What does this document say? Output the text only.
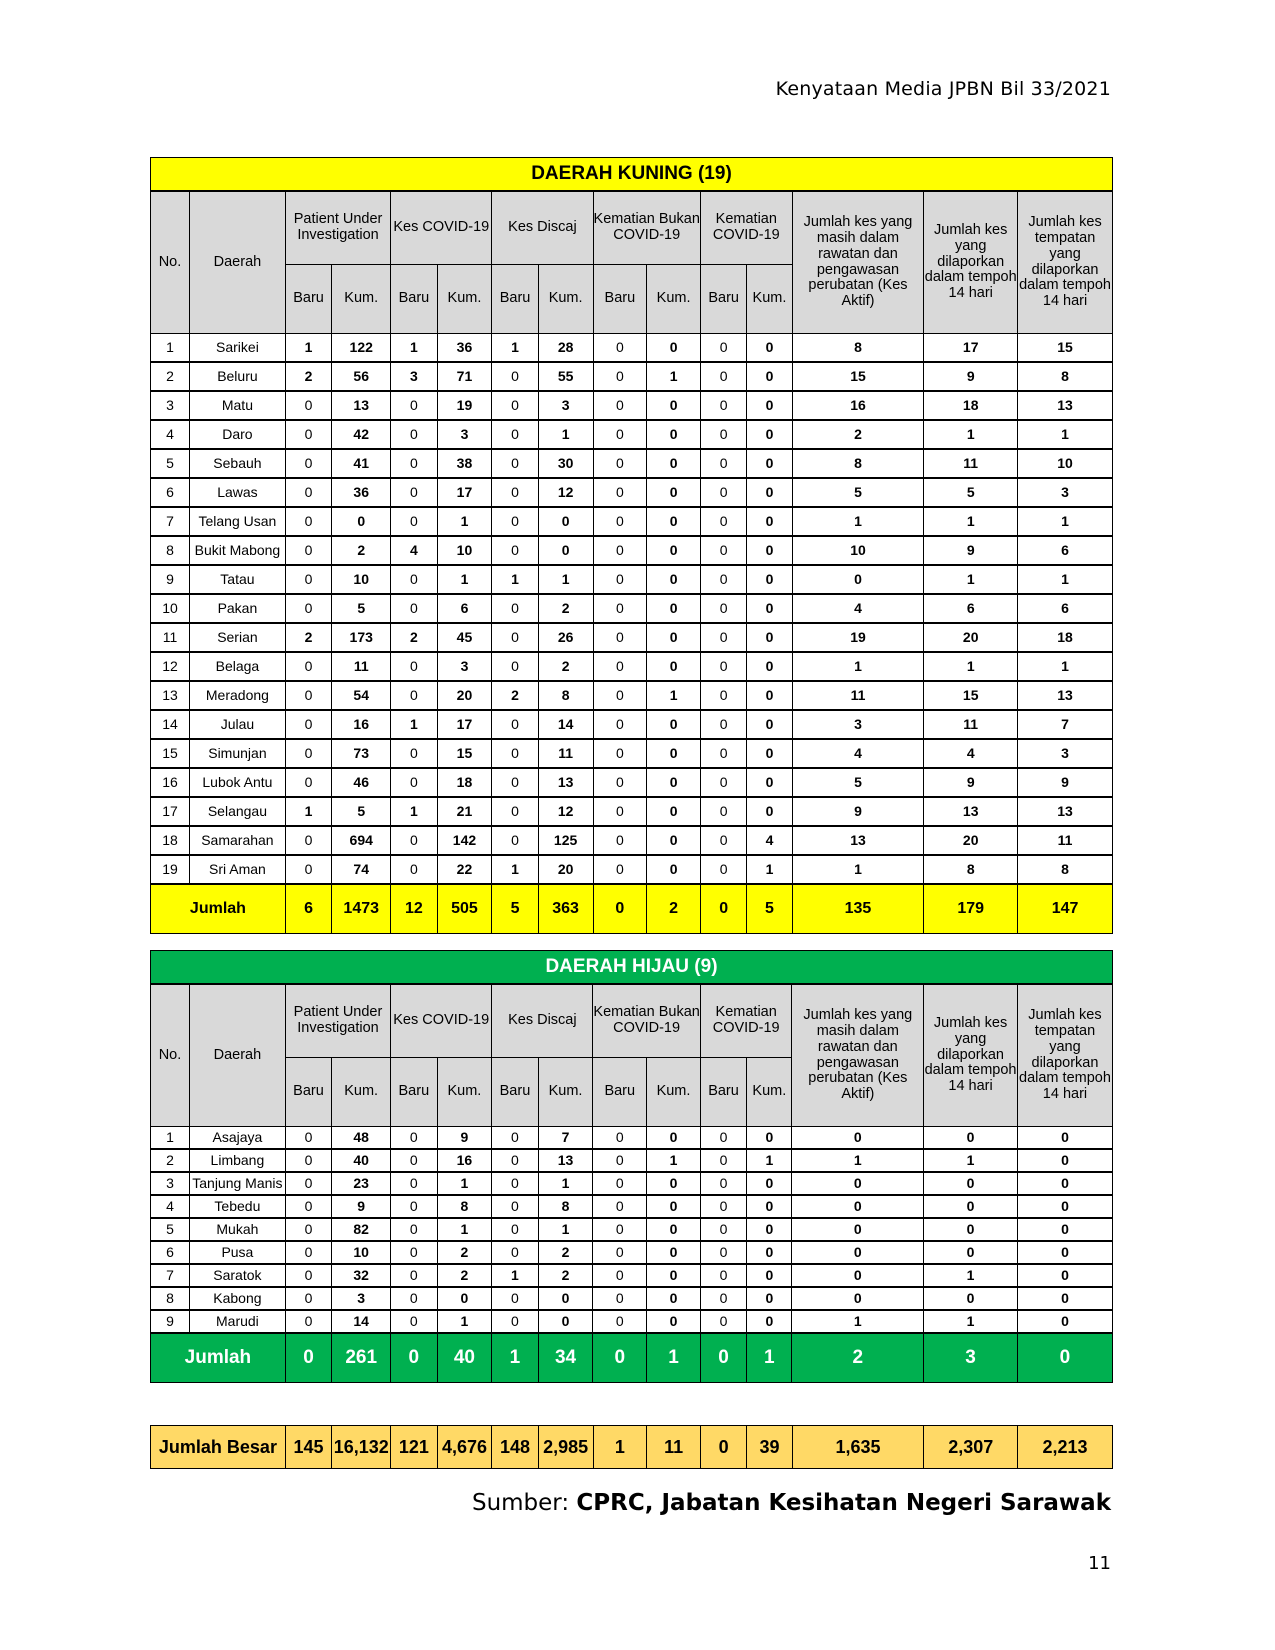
Kenyataan Media JPBN Bil 33/2021
DAERAH KUNING (19)														
No.	Daerah	Patient Under Investigation		Kes COVID-19		Kes Discaj		Kematian Bukan COVID-19		Kematian COVID-19		Jumlah kes yang masih dalam rawatan dan pengawasan perubatan (Kes Aktif)	Jumlah kes yang dilaporkan dalam tempoh 14 hari	Jumlah kes tempatan yang dilaporkan dalam tempoh 14 hari
		Baru	Kum.	Baru	Kum.	Baru	Kum.	Baru	Kum.	Baru	Kum.			
1	Sarikei	1	122	1	36	1	28	0	0	0	0	8	17	15
2	Beluru	2	56	3	71	0	55	0	1	0	0	15	9	8
3	Matu	0	13	0	19	0	3	0	0	0	0	16	18	13
4	Daro	0	42	0	3	0	1	0	0	0	0	2	1	1
5	Sebauh	0	41	0	38	0	30	0	0	0	0	8	11	10
6	Lawas	0	36	0	17	0	12	0	0	0	0	5	5	3
7	Telang Usan	0	0	0	1	0	0	0	0	0	0	1	1	1
8	Bukit Mabong	0	2	4	10	0	0	0	0	0	0	10	9	6
9	Tatau	0	10	0	1	1	1	0	0	0	0	0	1	1
10	Pakan	0	5	0	6	0	2	0	0	0	0	4	6	6
11	Serian	2	173	2	45	0	26	0	0	0	0	19	20	18
12	Belaga	0	11	0	3	0	2	0	0	0	0	1	1	1
13	Meradong	0	54	0	20	2	8	0	1	0	0	11	15	13
14	Julau	0	16	1	17	0	14	0	0	0	0	3	11	7
15	Simunjan	0	73	0	15	0	11	0	0	0	0	4	4	3
16	Lubok Antu	0	46	0	18	0	13	0	0	0	0	5	9	9
17	Selangau	1	5	1	21	0	12	0	0	0	0	9	13	13
18	Samarahan	0	694	0	142	0	125	0	0	0	4	13	20	11
19	Sri Aman	0	74	0	22	1	20	0	0	0	1	1	8	8
Jumlah		6	1473	12	505	5	363	0	2	0	5	135	179	147
DAERAH HIJAU (9)														
No.	Daerah	Patient Under Investigation		Kes COVID-19		Kes Discaj		Kematian Bukan COVID-19		Kematian COVID-19		Jumlah kes yang masih dalam rawatan dan pengawasan perubatan (Kes Aktif)	Jumlah kes yang dilaporkan dalam tempoh 14 hari	Jumlah kes tempatan yang dilaporkan dalam tempoh 14 hari
		Baru	Kum.	Baru	Kum.	Baru	Kum.	Baru	Kum.	Baru	Kum.			
1	Asajaya	0	48	0	9	0	7	0	0	0	0	0	0	0
2	Limbang	0	40	0	16	0	13	0	1	0	1	1	1	0
3	Tanjung Manis	0	23	0	1	0	1	0	0	0	0	0	0	0
4	Tebedu	0	9	0	8	0	8	0	0	0	0	0	0	0
5	Mukah	0	82	0	1	0	1	0	0	0	0	0	0	0
6	Pusa	0	10	0	2	0	2	0	0	0	0	0	0	0
7	Saratok	0	32	0	2	1	2	0	0	0	0	0	1	0
8	Kabong	0	3	0	0	0	0	0	0	0	0	0	0	0
9	Marudi	0	14	0	1	0	0	0	0	0	0	1	1	0
Jumlah		0	261	0	40	1	34	0	1	0	1	2	3	0
Jumlah Besar	145	16,132	121	4,676	148	2,985	1	11	0	39	1,635	2,307	2,213
Sumber: CPRC, Jabatan Kesihatan Negeri Sarawak
11
